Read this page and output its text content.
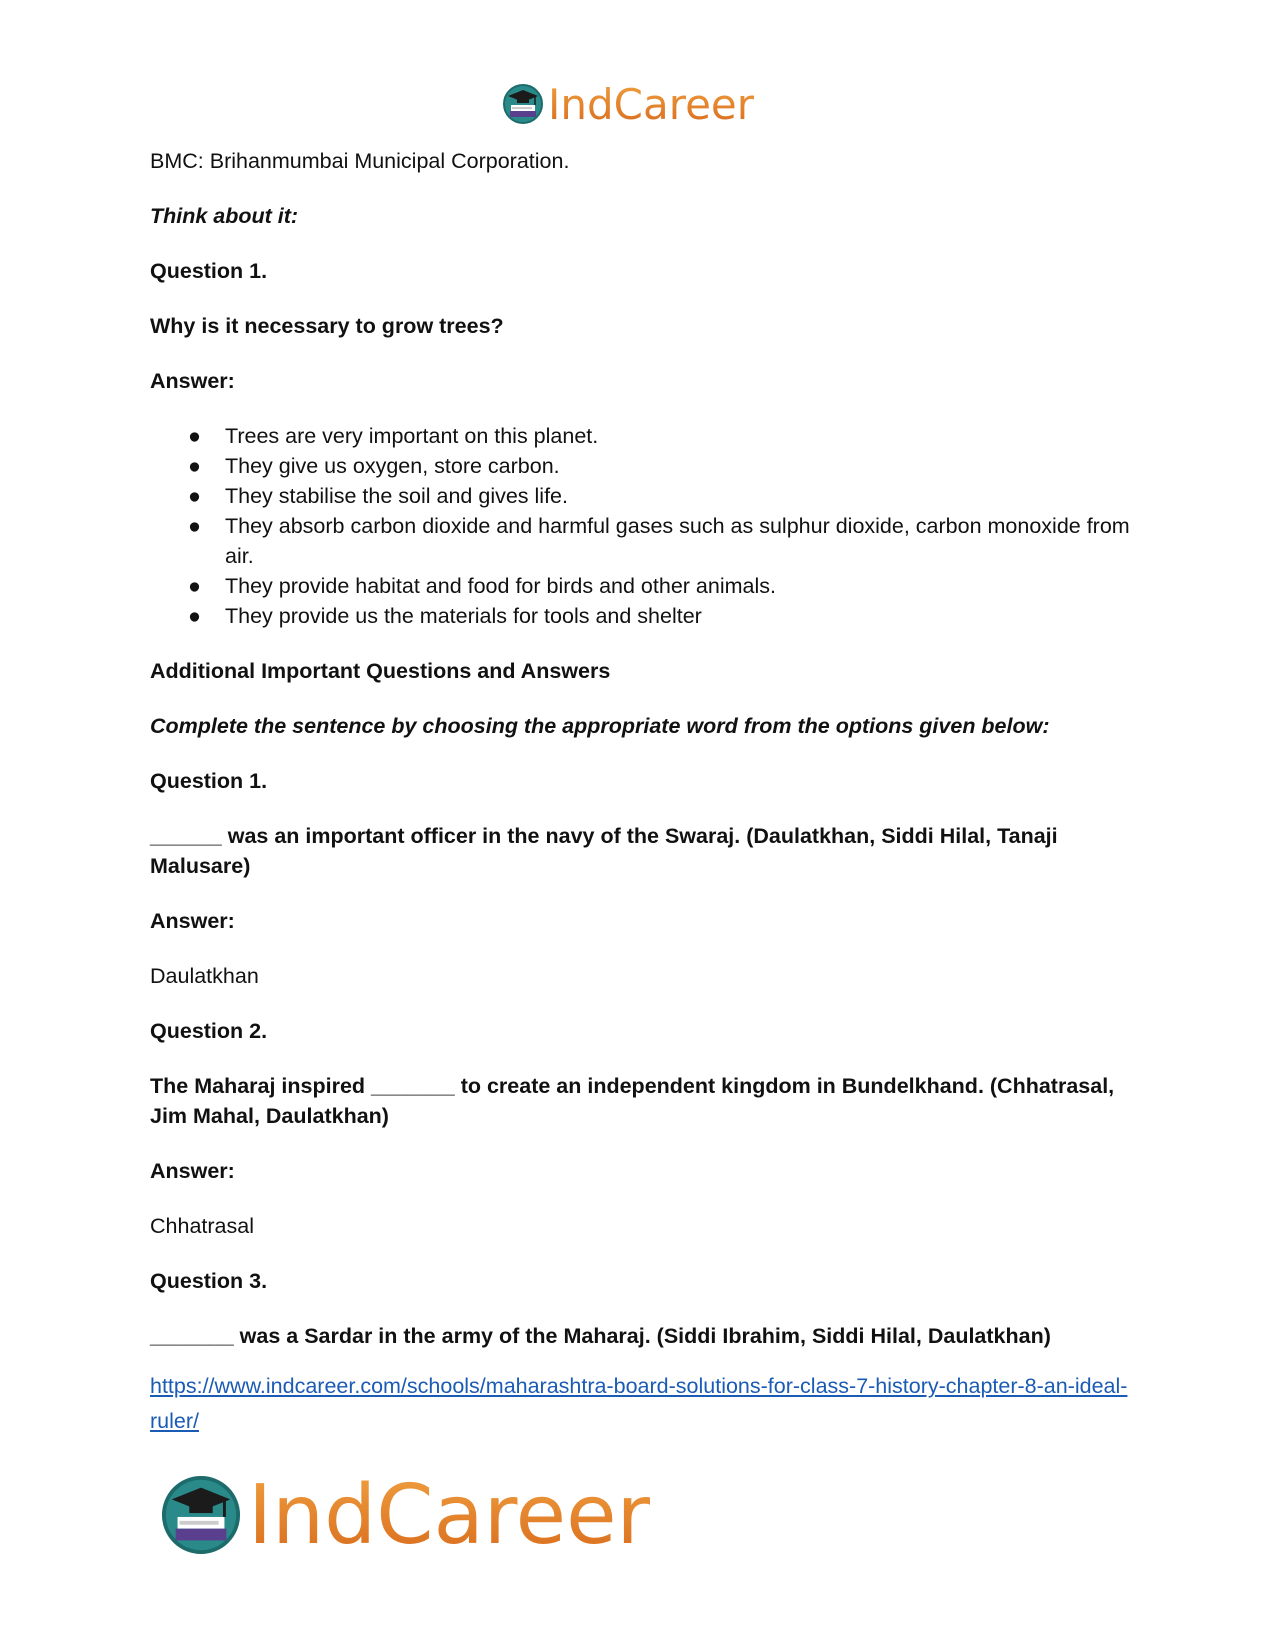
IndCareer

BMC: Brihanmumbai Municipal Corporation.

Think about it:

Question 1.

Why is it necessary to grow trees?

Answer:

● Trees are very important on this planet.
● They give us oxygen, store carbon.
● They stabilise the soil and gives life.
● They absorb carbon dioxide and harmful gases such as sulphur dioxide, carbon monoxide from air.
● They provide habitat and food for birds and other animals.
● They provide us the materials for tools and shelter

Additional Important Questions and Answers

Complete the sentence by choosing the appropriate word from the options given below:

Question 1.

______ was an important officer in the navy of the Swaraj. (Daulatkhan, Siddi Hilal, Tanaji Malusare)

Answer:

Daulatkhan

Question 2.

The Maharaj inspired _______ to create an independent kingdom in Bundelkhand. (Chhatrasal, Jim Mahal, Daulatkhan)

Answer:

Chhatrasal

Question 3.

_______ was a Sardar in the army of the Maharaj. (Siddi Ibrahim, Siddi Hilal, Daulatkhan)

https://www.indcareer.com/schools/maharashtra-board-solutions-for-class-7-history-chapter-8-an-ideal-ruler/
IndCareer
